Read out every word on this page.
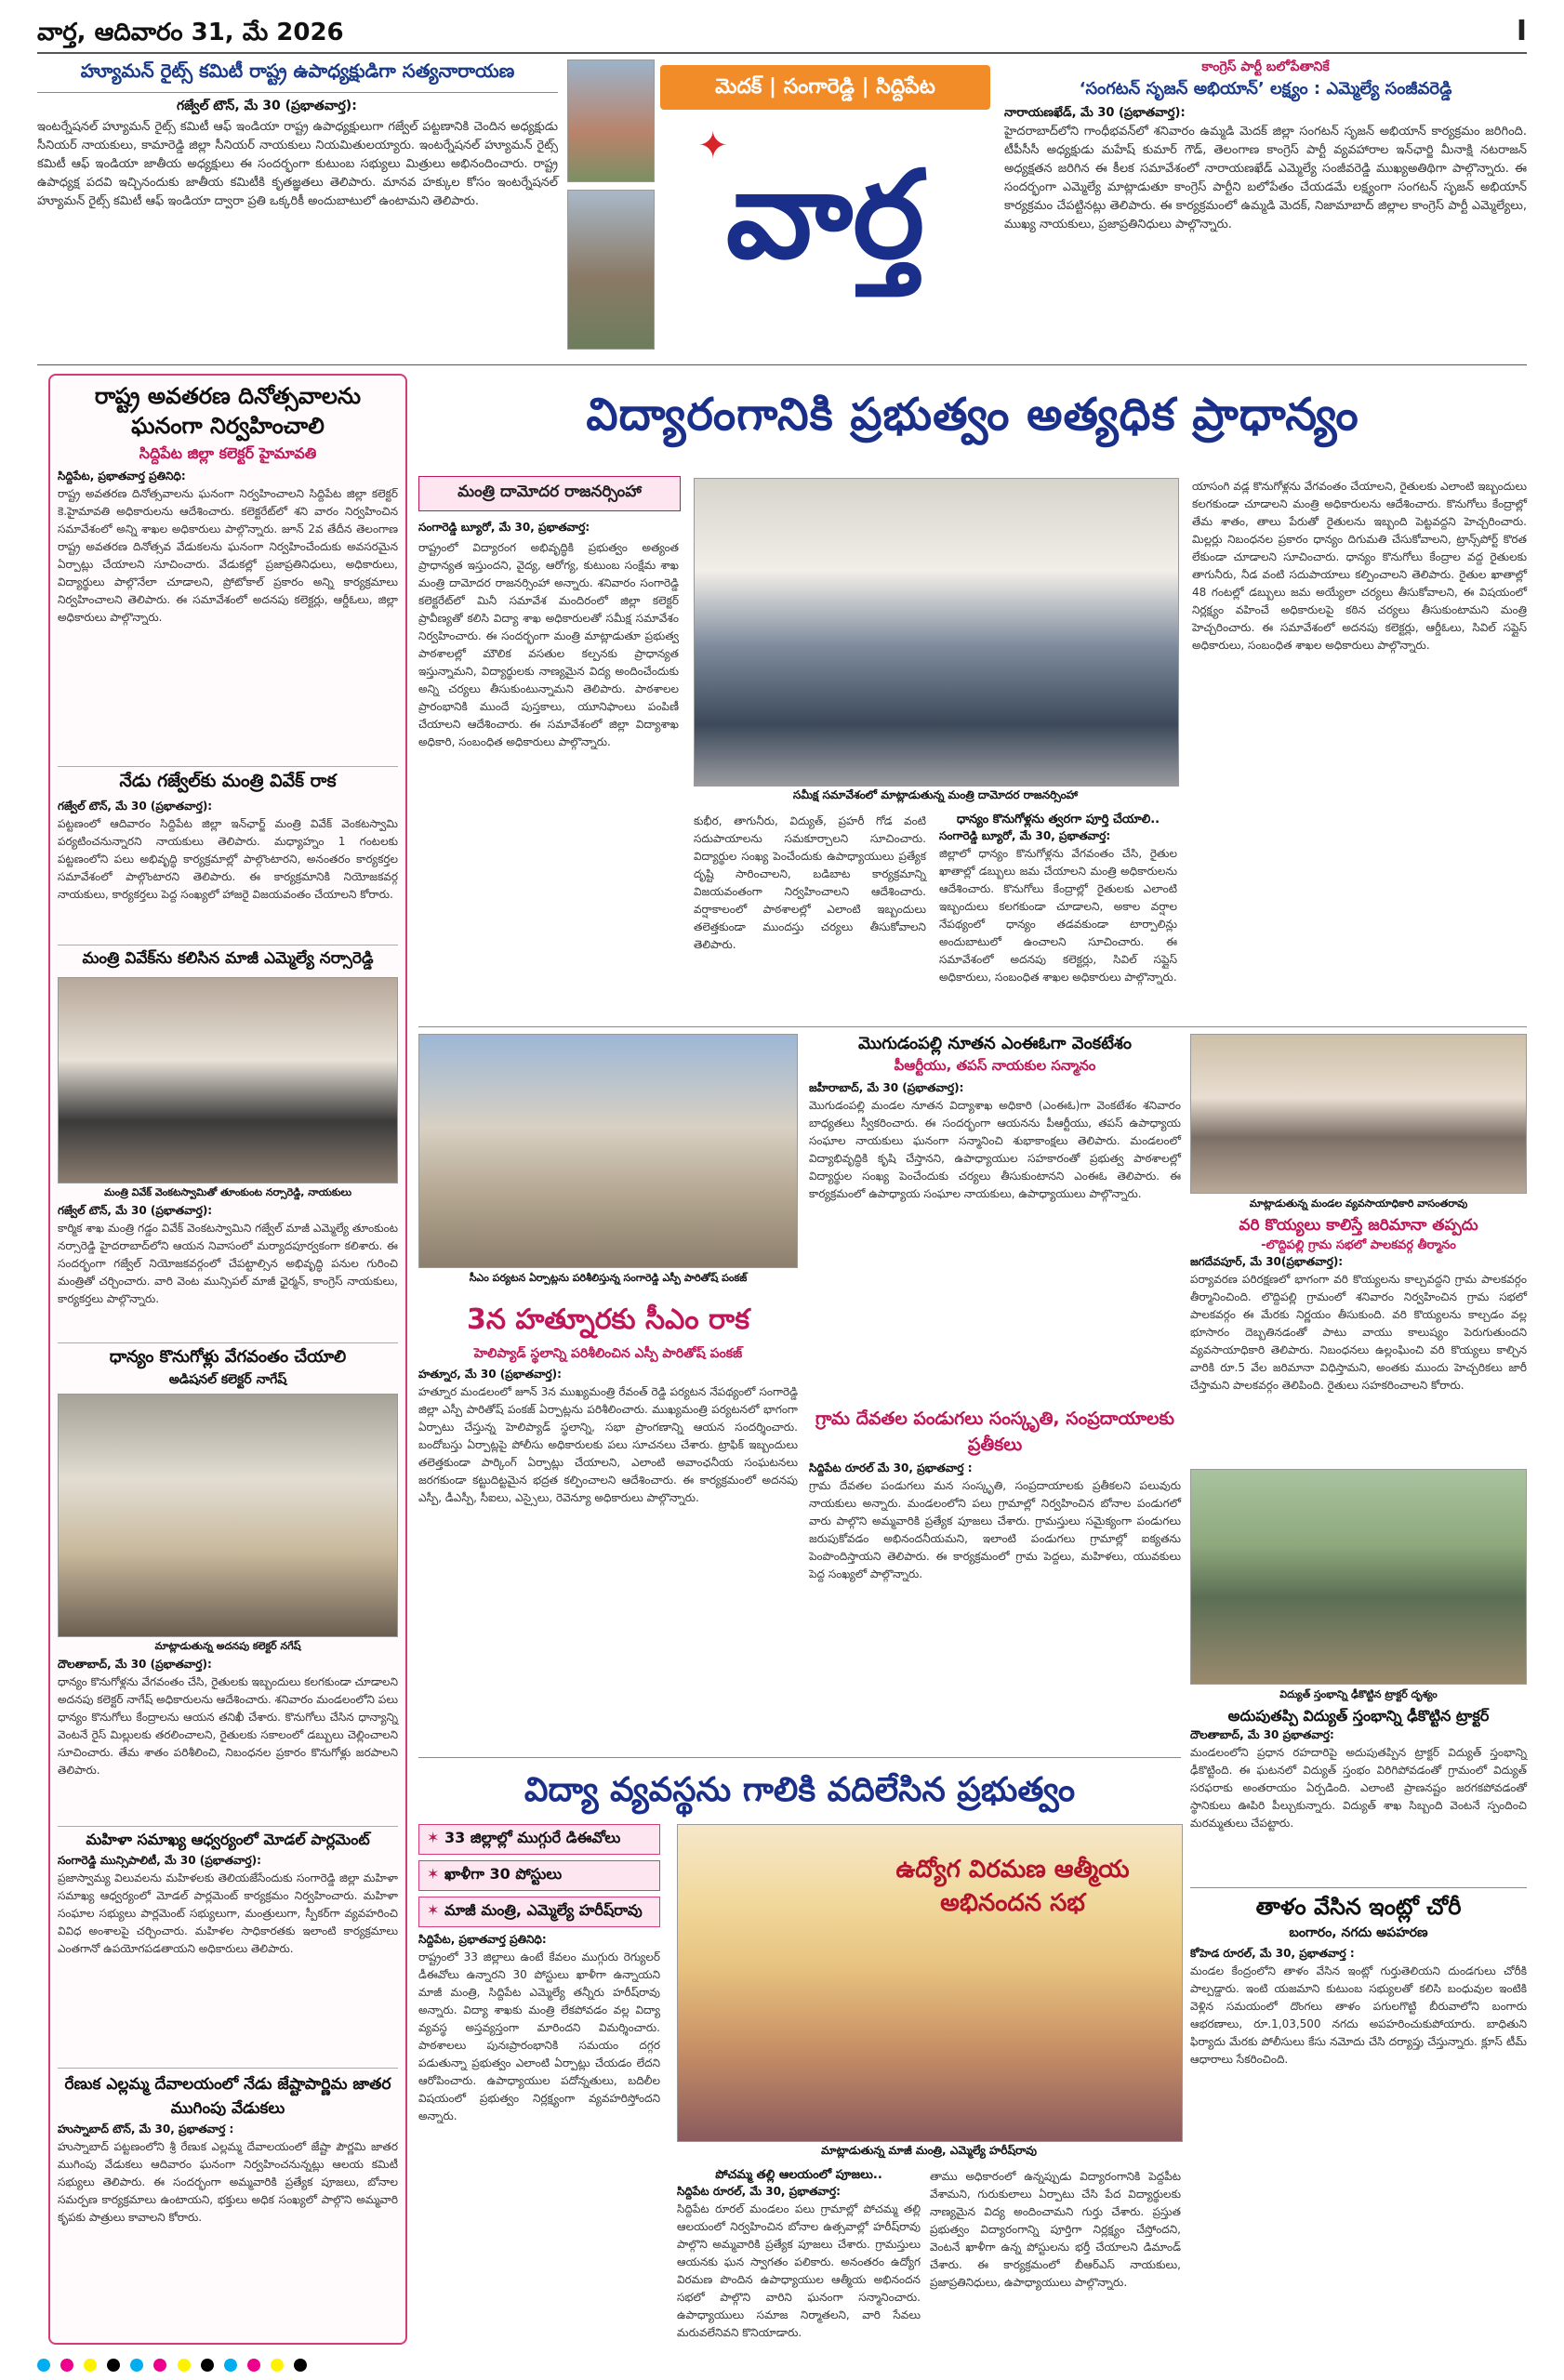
వార్త, ఆదివారం 31, మే 2026	I
హ్యూమన్ రైట్స్ కమిటీ రాష్ట్ర ఉపాధ్యక్షుడిగా సత్యనారాయణ
గజ్వేల్ టౌన్, మే 30 (ప్రభాతవార్త):
ఇంటర్నేషనల్ హ్యూమన్ రైట్స్ కమిటీ ఆఫ్ ఇండియా రాష్ట్ర ఉపాధ్యక్షులుగా గజ్వేల్ పట్టణానికి చెందిన అధ్యక్షుడు సీనియర్ నాయకులు, కామారెడ్డి జిల్లా సీనియర్ నాయకులు నియమితులయ్యారు. ఇంటర్నేషనల్ హ్యూమన్ రైట్స్ కమిటీ ఆఫ్ ఇండియా జాతీయ అధ్యక్షులు ఈ సందర్భంగా కుటుంబ సభ్యులు మిత్రులు అభినందించారు. రాష్ట్ర ఉపాధ్యక్ష పదవి ఇచ్చినందుకు జాతీయ కమిటీకి కృతజ్ఞతలు తెలిపారు. మానవ హక్కుల కోసం ఇంటర్నేషనల్ హ్యూమన్ రైట్స్ కమిటీ ఆఫ్ ఇండియా ద్వారా ప్రతి ఒక్కరికీ అందుబాటులో ఉంటామని తెలిపారు.
మెదక్ | సంగారెడ్డి | సిద్దిపేట
✦
వార్త
కాంగ్రెస్ పార్టీ బలోపేతానికే
‘సంగటన్ సృజన్ అభియాన్’ లక్ష్యం : ఎమ్మెల్యే సంజీవరెడ్డి
నారాయణఖేడ్, మే 30 (ప్రభాతవార్త):
హైదరాబాద్‌లోని గాంధీభవన్‌లో శనివారం ఉమ్మడి మెదక్ జిల్లా సంగటన్ సృజన్ అభియాన్ కార్యక్రమం జరిగింది. టీపీసీసీ అధ్యక్షుడు మహేష్ కుమార్ గౌడ్, తెలంగాణ కాంగ్రెస్ పార్టీ వ్యవహారాల ఇన్‌ఛార్జి మీనాక్షి నటరాజన్ అధ్యక్షతన జరిగిన ఈ కీలక సమావేశంలో నారాయణఖేడ్ ఎమ్మెల్యే సంజీవరెడ్డి ముఖ్యఅతిథిగా పాల్గొన్నారు. ఈ సందర్భంగా ఎమ్మెల్యే మాట్లాడుతూ కాంగ్రెస్ పార్టీని బలోపేతం చేయడమే లక్ష్యంగా సంగటన్ సృజన్ అభియాన్ కార్యక్రమం చేపట్టినట్లు తెలిపారు. ఈ కార్యక్రమంలో ఉమ్మడి మెదక్, నిజామాబాద్ జిల్లాల కాంగ్రెస్ పార్టీ ఎమ్మెల్యేలు, ముఖ్య నాయకులు, ప్రజాప్రతినిధులు పాల్గొన్నారు.
రాష్ట్ర అవతరణ దినోత్సవాలను ఘనంగా నిర్వహించాలి
సిద్దిపేట జిల్లా కలెక్టర్ హైమావతి
సిద్దిపేట, ప్రభాతవార్త ప్రతినిధి:
రాష్ట్ర అవతరణ దినోత్సవాలను ఘనంగా నిర్వహించాలని సిద్దిపేట జిల్లా కలెక్టర్ కె.హైమావతి అధికారులను ఆదేశించారు. కలెక్టరేట్‌లో శని వారం నిర్వహించిన సమావేశంలో అన్ని శాఖల అధికారులు పాల్గొన్నారు. జూన్ 2వ తేదీన తెలంగాణ రాష్ట్ర అవతరణ దినోత్సవ వేడుకలను ఘనంగా నిర్వహించేందుకు అవసరమైన ఏర్పాట్లు చేయాలని సూచించారు. వేడుకల్లో ప్రజాప్రతినిధులు, అధికారులు, విద్యార్థులు పాల్గొనేలా చూడాలని, ప్రోటోకాల్ ప్రకారం అన్ని కార్యక్రమాలు నిర్వహించాలని తెలిపారు. ఈ సమావేశంలో అదనపు కలెక్టర్లు, ఆర్డీఓలు, జిల్లా అధికారులు పాల్గొన్నారు.
నేడు గజ్వేల్‌కు మంత్రి వివేక్ రాక
గజ్వేల్ టౌన్, మే 30 (ప్రభాతవార్త):
పట్టణంలో ఆదివారం సిద్దిపేట జిల్లా ఇన్‌ఛార్జ్ మంత్రి వివేక్ వెంకటస్వామి పర్యటించనున్నారని నాయకులు తెలిపారు. మధ్యాహ్నం 1 గంటలకు పట్టణంలోని పలు అభివృద్ధి కార్యక్రమాల్లో పాల్గొంటారని, అనంతరం కార్యకర్తల సమావేశంలో పాల్గొంటారని తెలిపారు. ఈ కార్యక్రమానికి నియోజకవర్గ నాయకులు, కార్యకర్తలు పెద్ద సంఖ్యలో హాజరై విజయవంతం చేయాలని కోరారు.
మంత్రి వివేక్‌ను కలిసిన మాజీ ఎమ్మెల్యే నర్సారెడ్డి
మంత్రి వివేక్ వెంకటస్వామితో తూంకుంట నర్సారెడ్డి, నాయకులు
గజ్వేల్ టౌన్, మే 30 (ప్రభాతవార్త):
కార్మిక శాఖ మంత్రి గడ్డం వివేక్ వెంకటస్వామిని గజ్వేల్ మాజీ ఎమ్మెల్యే తూంకుంట నర్సారెడ్డి హైదరాబాద్‌లోని ఆయన నివాసంలో మర్యాదపూర్వకంగా కలిశారు. ఈ సందర్భంగా గజ్వేల్ నియోజకవర్గంలో చేపట్టాల్సిన అభివృద్ధి పనుల గురించి మంత్రితో చర్చించారు. వారి వెంట మున్సిపల్ మాజీ ఛైర్మన్, కాంగ్రెస్ నాయకులు, కార్యకర్తలు పాల్గొన్నారు.
ధాన్యం కొనుగోళ్లు వేగవంతం చేయాలి
అడిషనల్ కలెక్టర్ నాగేష్
మాట్లాడుతున్న అదనపు కలెక్టర్ నగేష్
దౌలతాబాద్, మే 30 (ప్రభాతవార్త):
ధాన్యం కొనుగోళ్లను వేగవంతం చేసి, రైతులకు ఇబ్బందులు కలగకుండా చూడాలని అదనపు కలెక్టర్ నాగేష్ అధికారులను ఆదేశించారు. శనివారం మండలంలోని పలు ధాన్యం కొనుగోలు కేంద్రాలను ఆయన తనిఖీ చేశారు. కొనుగోలు చేసిన ధాన్యాన్ని వెంటనే రైస్ మిల్లులకు తరలించాలని, రైతులకు సకాలంలో డబ్బులు చెల్లించాలని సూచించారు. తేమ శాతం పరిశీలించి, నిబంధనల ప్రకారం కొనుగోళ్లు జరపాలని తెలిపారు.
మహిళా సమాఖ్య ఆధ్వర్యంలో మోడల్ పార్లమెంట్
సంగారెడ్డి మున్సిపాలిటీ, మే 30 (ప్రభాతవార్త):
ప్రజాస్వామ్య విలువలను మహిళలకు తెలియజేసేందుకు సంగారెడ్డి జిల్లా మహిళా సమాఖ్య ఆధ్వర్యంలో మోడల్ పార్లమెంట్ కార్యక్రమం నిర్వహించారు. మహిళా సంఘాల సభ్యులు పార్లమెంట్ సభ్యులుగా, మంత్రులుగా, స్పీకర్‌గా వ్యవహరించి వివిధ అంశాలపై చర్చించారు. మహిళల సాధికారతకు ఇలాంటి కార్యక్రమాలు ఎంతగానో ఉపయోగపడతాయని అధికారులు తెలిపారు.
రేణుక ఎల్లమ్మ దేవాలయంలో నేడు జేష్టాపార్ణిమ జాతర ముగింపు వేడుకలు
హుస్నాబాద్ టౌన్, మే 30, ప్రభాతవార్త :
హుస్నాబాద్ పట్టణంలోని శ్రీ రేణుక ఎల్లమ్మ దేవాలయంలో జేష్టా పౌర్ణమి జాతర ముగింపు వేడుకలు ఆదివారం ఘనంగా నిర్వహించనున్నట్లు ఆలయ కమిటీ సభ్యులు తెలిపారు. ఈ సందర్భంగా అమ్మవారికి ప్రత్యేక పూజలు, బోనాల సమర్పణ కార్యక్రమాలు ఉంటాయని, భక్తులు అధిక సంఖ్యలో పాల్గొని అమ్మవారి కృపకు పాత్రులు కావాలని కోరారు.
విద్యారంగానికి ప్రభుత్వం అత్యధిక ప్రాధాన్యం
మంత్రి దామోదర రాజనర్సింహా
సంగారెడ్డి బ్యూరో, మే 30, ప్రభాతవార్త:
రాష్ట్రంలో విద్యారంగ అభివృద్ధికి ప్రభుత్వం అత్యంత ప్రాధాన్యత ఇస్తుందని, వైద్య, ఆరోగ్య, కుటుంబ సంక్షేమ శాఖ మంత్రి దామోదర రాజనర్సింహా అన్నారు. శనివారం సంగారెడ్డి కలెక్టరేట్‌లో మినీ సమావేశ మందిరంలో జిల్లా కలెక్టర్ ప్రావీణ్యతో కలిసి విద్యా శాఖ అధికారులతో సమీక్ష సమావేశం నిర్వహించారు. ఈ సందర్భంగా మంత్రి మాట్లాడుతూ ప్రభుత్వ పాఠశాలల్లో మౌలిక వసతుల కల్పనకు ప్రాధాన్యత ఇస్తున్నామని, విద్యార్థులకు నాణ్యమైన విద్య అందించేందుకు అన్ని చర్యలు తీసుకుంటున్నామని తెలిపారు. పాఠశాలల ప్రారంభానికి ముందే పుస్తకాలు, యూనిఫాంలు పంపిణీ చేయాలని ఆదేశించారు. ఈ సమావేశంలో జిల్లా విద్యాశాఖ అధికారి, సంబంధిత అధికారులు పాల్గొన్నారు.
సమీక్ష సమావేశంలో మాట్లాడుతున్న మంత్రి దామోదర రాజనర్సింహా
కుభీర, తాగునీరు, విద్యుత్, ప్రహరీ గోడ వంటి సదుపాయాలను సమకూర్చాలని సూచించారు. విద్యార్థుల సంఖ్య పెంచేందుకు ఉపాధ్యాయులు ప్రత్యేక దృష్టి సారించాలని, బడిబాట కార్యక్రమాన్ని విజయవంతంగా నిర్వహించాలని ఆదేశించారు. వర్షాకాలంలో పాఠశాలల్లో ఎలాంటి ఇబ్బందులు తలెత్తకుండా ముందస్తు చర్యలు తీసుకోవాలని తెలిపారు.
ధాన్యం కొనుగోళ్లను త్వరగా పూర్తి చేయాలి..
సంగారెడ్డి బ్యూరో, మే 30, ప్రభాతవార్త:
జిల్లాలో ధాన్యం కొనుగోళ్లను వేగవంతం చేసి, రైతుల ఖాతాల్లో డబ్బులు జమ చేయాలని మంత్రి అధికారులను ఆదేశించారు. కొనుగోలు కేంద్రాల్లో రైతులకు ఎలాంటి ఇబ్బందులు కలగకుండా చూడాలని, అకాల వర్షాల నేపథ్యంలో ధాన్యం తడవకుండా టార్పాలిన్లు అందుబాటులో ఉంచాలని సూచించారు. ఈ సమావేశంలో అదనపు కలెక్టర్లు, సివిల్ సప్లైస్ అధికారులు, సంబంధిత శాఖల అధికారులు పాల్గొన్నారు.
యాసంగి వడ్ల కొనుగోళ్లను వేగవంతం చేయాలని, రైతులకు ఎలాంటి ఇబ్బందులు కలగకుండా చూడాలని మంత్రి అధికారులను ఆదేశించారు. కొనుగోలు కేంద్రాల్లో తేమ శాతం, తాలు పేరుతో రైతులను ఇబ్బంది పెట్టవద్దని హెచ్చరించారు. మిల్లర్లు నిబంధనల ప్రకారం ధాన్యం దిగుమతి చేసుకోవాలని, ట్రాన్స్‌పోర్ట్ కొరత లేకుండా చూడాలని సూచించారు. ధాన్యం కొనుగోలు కేంద్రాల వద్ద రైతులకు తాగునీరు, నీడ వంటి సదుపాయాలు కల్పించాలని తెలిపారు. రైతుల ఖాతాల్లో 48 గంటల్లో డబ్బులు జమ అయ్యేలా చర్యలు తీసుకోవాలని, ఈ విషయంలో నిర్లక్ష్యం వహించే అధికారులపై కఠిన చర్యలు తీసుకుంటామని మంత్రి హెచ్చరించారు. ఈ సమావేశంలో అదనపు కలెక్టర్లు, ఆర్డీఓలు, సివిల్ సప్లైస్ అధికారులు, సంబంధిత శాఖల అధికారులు పాల్గొన్నారు.
సీఎం పర్యటన ఏర్పాట్లను పరిశీలిస్తున్న సంగారెడ్డి ఎస్పీ పారితోష్ పంకజ్
3న హత్నూరకు సీఎం రాక
హెలిప్యాడ్ స్థలాన్ని పరిశీలించిన ఎస్పీ పారితోష్ పంకజ్
హత్నూర, మే 30 (ప్రభాతవార్త):
హత్నూర మండలంలో జూన్ 3న ముఖ్యమంత్రి రేవంత్ రెడ్డి పర్యటన నేపథ్యంలో సంగారెడ్డి జిల్లా ఎస్పీ పారితోష్ పంకజ్ ఏర్పాట్లను పరిశీలించారు. ముఖ్యమంత్రి పర్యటనలో భాగంగా ఏర్పాటు చేస్తున్న హెలిప్యాడ్ స్థలాన్ని, సభా ప్రాంగణాన్ని ఆయన సందర్శించారు. బందోబస్తు ఏర్పాట్లపై పోలీసు అధికారులకు పలు సూచనలు చేశారు. ట్రాఫిక్ ఇబ్బందులు తలెత్తకుండా పార్కింగ్ ఏర్పాట్లు చేయాలని, ఎలాంటి అవాంఛనీయ సంఘటనలు జరగకుండా కట్టుదిట్టమైన భద్రత కల్పించాలని ఆదేశించారు. ఈ కార్యక్రమంలో అదనపు ఎస్పీ, డీఎస్పీ, సీఐలు, ఎస్సైలు, రెవెన్యూ అధికారులు పాల్గొన్నారు.
మొగుడంపల్లి నూతన ఎంఈఓగా వెంకటేశం
పీఆర్టీయు, తపస్ నాయకుల సన్మానం
జహీరాబాద్, మే 30 (ప్రభాతవార్త):
మొగుడంపల్లి మండల నూతన విద్యాశాఖ అధికారి (ఎంఈఓ)గా వెంకటేశం శనివారం బాధ్యతలు స్వీకరించారు. ఈ సందర్భంగా ఆయనను పీఆర్టీయు, తపస్ ఉపాధ్యాయ సంఘాల నాయకులు ఘనంగా సన్మానించి శుభాకాంక్షలు తెలిపారు. మండలంలో విద్యాభివృద్ధికి కృషి చేస్తానని, ఉపాధ్యాయుల సహకారంతో ప్రభుత్వ పాఠశాలల్లో విద్యార్థుల సంఖ్య పెంచేందుకు చర్యలు తీసుకుంటానని ఎంఈఓ తెలిపారు. ఈ కార్యక్రమంలో ఉపాధ్యాయ సంఘాల నాయకులు, ఉపాధ్యాయులు పాల్గొన్నారు.
గ్రామ దేవతల పండుగలు సంస్కృతి, సంప్రదాయాలకు ప్రతీకలు
సిద్దిపేట రూరల్ మే 30, ప్రభాతవార్త :
గ్రామ దేవతల పండుగలు మన సంస్కృతి, సంప్రదాయాలకు ప్రతీకలని పలువురు నాయకులు అన్నారు. మండలంలోని పలు గ్రామాల్లో నిర్వహించిన బోనాల పండుగలో వారు పాల్గొని అమ్మవారికి ప్రత్యేక పూజలు చేశారు. గ్రామస్తులు సమైక్యంగా పండుగలు జరుపుకోవడం అభినందనీయమని, ఇలాంటి పండుగలు గ్రామాల్లో ఐక్యతను పెంపొందిస్తాయని తెలిపారు. ఈ కార్యక్రమంలో గ్రామ పెద్దలు, మహిళలు, యువకులు పెద్ద సంఖ్యలో పాల్గొన్నారు.
మాట్లాడుతున్న మండల వ్యవసాయాధికారి వాసంతరావు
వరి కొయ్యలు కాలిస్తే జరిమానా తప్పదు
-లొద్దిపల్లి గ్రామ సభలో పాలకవర్గ తీర్మానం
జగదేవపూర్, మే 30(ప్రభాతవార్త):
పర్యావరణ పరిరక్షణలో భాగంగా వరి కొయ్యలను కాల్చవద్దని గ్రామ పాలకవర్గం తీర్మానించింది. లొద్దిపల్లి గ్రామంలో శనివారం నిర్వహించిన గ్రామ సభలో పాలకవర్గం ఈ మేరకు నిర్ణయం తీసుకుంది. వరి కొయ్యలను కాల్చడం వల్ల భూసారం దెబ్బతినడంతో పాటు వాయు కాలుష్యం పెరుగుతుందని వ్యవసాయాధికారి తెలిపారు. నిబంధనలు ఉల్లంఘించి వరి కొయ్యలు కాల్చిన వారికి రూ.5 వేల జరిమానా విధిస్తామని, అంతకు ముందు హెచ్చరికలు జారీ చేస్తామని పాలకవర్గం తెలిపింది. రైతులు సహకరించాలని కోరారు.
విద్యుత్ స్తంభాన్ని ఢీకొట్టిన ట్రాక్టర్ దృశ్యం
అదుపుతప్పి విద్యుత్ స్తంభాన్ని ఢీకొట్టిన ట్రాక్టర్
దౌలతాబాద్, మే 30 ప్రభాతవార్త:
మండలంలోని ప్రధాన రహదారిపై అదుపుతప్పిన ట్రాక్టర్ విద్యుత్ స్తంభాన్ని ఢీకొట్టింది. ఈ ఘటనలో విద్యుత్ స్తంభం విరిగిపోవడంతో గ్రామంలో విద్యుత్ సరఫరాకు అంతరాయం ఏర్పడింది. ఎలాంటి ప్రాణనష్టం జరగకపోవడంతో స్థానికులు ఊపిరి పీల్చుకున్నారు. విద్యుత్ శాఖ సిబ్బంది వెంటనే స్పందించి మరమ్మతులు చేపట్టారు.
తాళం వేసిన ఇంట్లో చోరీ
బంగారం, నగదు అపహరణ
కోహెడ రూరల్, మే 30, ప్రభాతవార్త :
మండల కేంద్రంలోని తాళం వేసిన ఇంట్లో గుర్తుతెలియని దుండగులు చోరీకి పాల్పడ్డారు. ఇంటి యజమాని కుటుంబ సభ్యులతో కలిసి బంధువుల ఇంటికి వెళ్లిన సమయంలో దొంగలు తాళం పగులగొట్టి బీరువాలోని బంగారు ఆభరణాలు, రూ.1,03,500 నగదు అపహరించుకుపోయారు. బాధితుని ఫిర్యాదు మేరకు పోలీసులు కేసు నమోదు చేసి దర్యాప్తు చేస్తున్నారు. క్లూస్ టీమ్ ఆధారాలు సేకరించింది.
విద్యా వ్యవస్థను గాలికి వదిలేసిన ప్రభుత్వం
✶ 33 జిల్లాల్లో ముగ్గురే డిఈవోలు
✶ ఖాళీగా 30 పోస్టులు
✶ మాజీ మంత్రి, ఎమ్మెల్యే హరీష్‌రావు
సిద్దిపేట, ప్రభాతవార్త ప్రతినిధి:
రాష్ట్రంలో 33 జిల్లాలు ఉంటే కేవలం ముగ్గురు రెగ్యులర్ డీఈవోలు ఉన్నారని 30 పోస్టులు ఖాళీగా ఉన్నాయని మాజీ మంత్రి, సిద్దిపేట ఎమ్మెల్యే తన్నీరు హరీష్‌రావు అన్నారు. విద్యా శాఖకు మంత్రి లేకపోవడం వల్ల విద్యా వ్యవస్థ అస్తవ్యస్తంగా మారిందని విమర్శించారు. పాఠశాలలు పునఃప్రారంభానికి సమయం దగ్గర పడుతున్నా ప్రభుత్వం ఎలాంటి ఏర్పాట్లు చేయడం లేదని ఆరోపించారు. ఉపాధ్యాయుల పదోన్నతులు, బదిలీల విషయంలో ప్రభుత్వం నిర్లక్ష్యంగా వ్యవహరిస్తోందని అన్నారు.
ఉద్యోగ విరమణ ఆత్మీయ అభినందన సభ
మాట్లాడుతున్న మాజీ మంత్రి, ఎమ్మెల్యే హరీష్‌రావు
పోచమ్మ తల్లి ఆలయంలో పూజలు..
సిద్దిపేట రూరల్, మే 30, ప్రభాతవార్త:
సిద్దిపేట రూరల్ మండలం పలు గ్రామాల్లో పోచమ్మ తల్లి ఆలయంలో నిర్వహించిన బోనాల ఉత్సవాల్లో హరీష్‌రావు పాల్గొని అమ్మవారికి ప్రత్యేక పూజలు చేశారు. గ్రామస్తులు ఆయనకు ఘన స్వాగతం పలికారు. అనంతరం ఉద్యోగ విరమణ పొందిన ఉపాధ్యాయుల ఆత్మీయ అభినందన సభలో పాల్గొని వారిని ఘనంగా సన్మానించారు. ఉపాధ్యాయులు సమాజ నిర్మాతలని, వారి సేవలు మరువలేనివని కొనియాడారు.
తాము అధికారంలో ఉన్నప్పుడు విద్యారంగానికి పెద్దపీట వేశామని, గురుకులాలు ఏర్పాటు చేసి పేద విద్యార్థులకు నాణ్యమైన విద్య అందించామని గుర్తు చేశారు. ప్రస్తుత ప్రభుత్వం విద్యారంగాన్ని పూర్తిగా నిర్లక్ష్యం చేస్తోందని, వెంటనే ఖాళీగా ఉన్న పోస్టులను భర్తీ చేయాలని డిమాండ్ చేశారు. ఈ కార్యక్రమంలో బీఆర్ఎస్ నాయకులు, ప్రజాప్రతినిధులు, ఉపాధ్యాయులు పాల్గొన్నారు.
